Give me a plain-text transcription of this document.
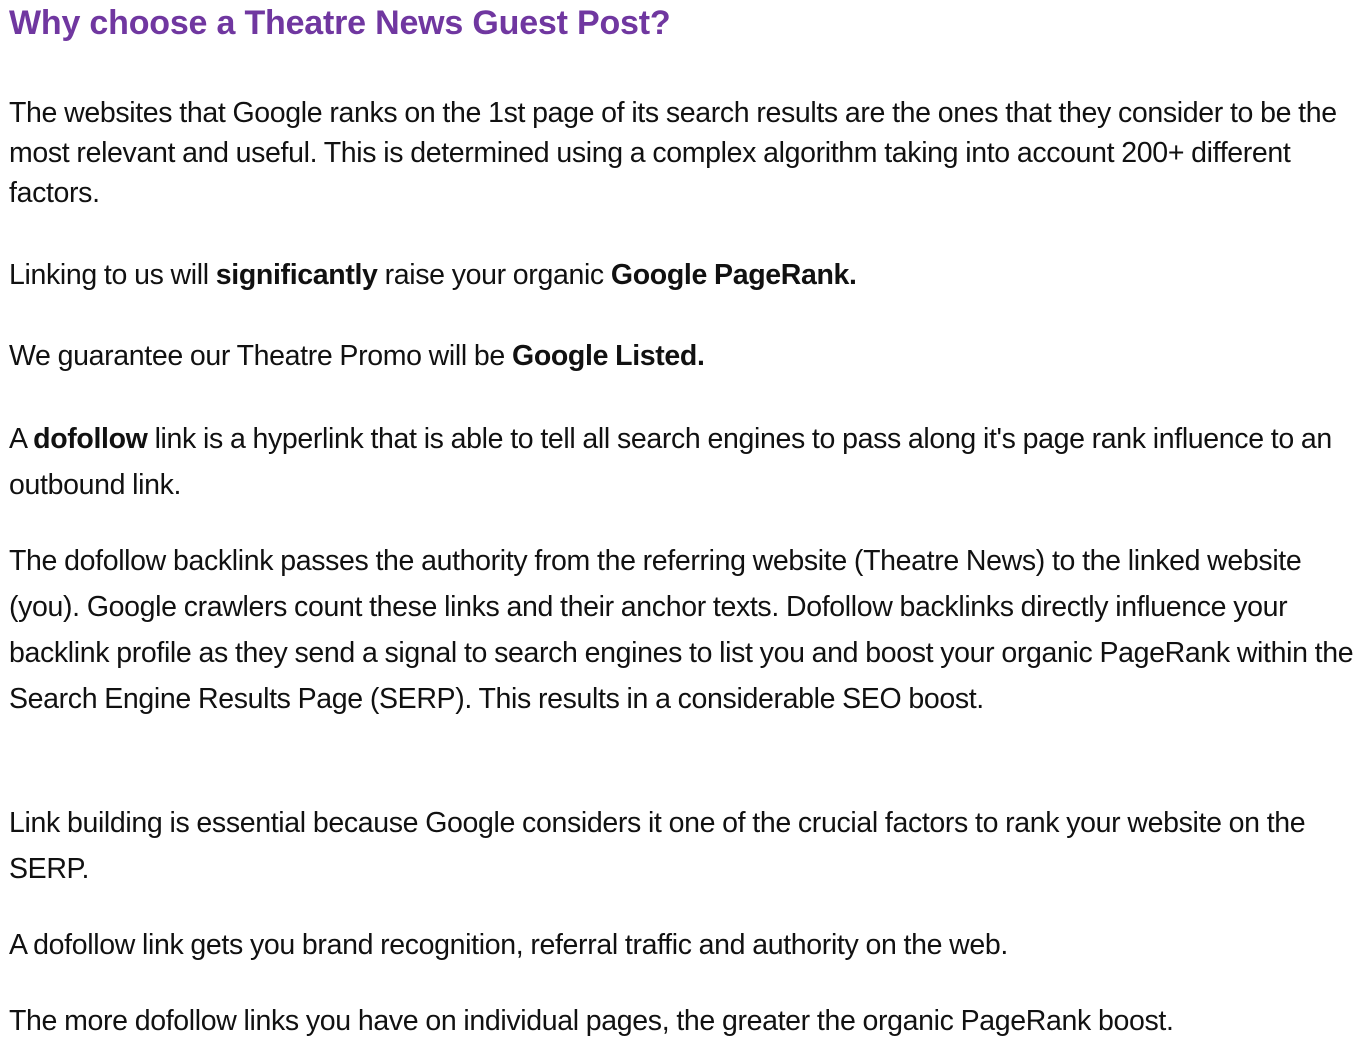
Why choose a Theatre News Guest Post?

The websites that Google ranks on the 1st page of its search results are the ones that they consider to be the most relevant and useful. This is determined using a complex algorithm taking into account 200+ different factors.

Linking to us will significantly raise your organic Google PageRank.

We guarantee our Theatre Promo will be Google Listed.

A dofollow link is a hyperlink that is able to tell all search engines to pass along it's page rank influence to an outbound link.

The dofollow backlink passes the authority from the referring website (Theatre News) to the linked website (you). Google crawlers count these links and their anchor texts. Dofollow backlinks directly influence your backlink profile as they send a signal to search engines to list you and boost your organic PageRank within the Search Engine Results Page (SERP). This results in a considerable SEO boost.

Link building is essential because Google considers it one of the crucial factors to rank your website on the SERP.

A dofollow link gets you brand recognition, referral traffic and authority on the web.

The more dofollow links you have on individual pages, the greater the organic PageRank boost.
